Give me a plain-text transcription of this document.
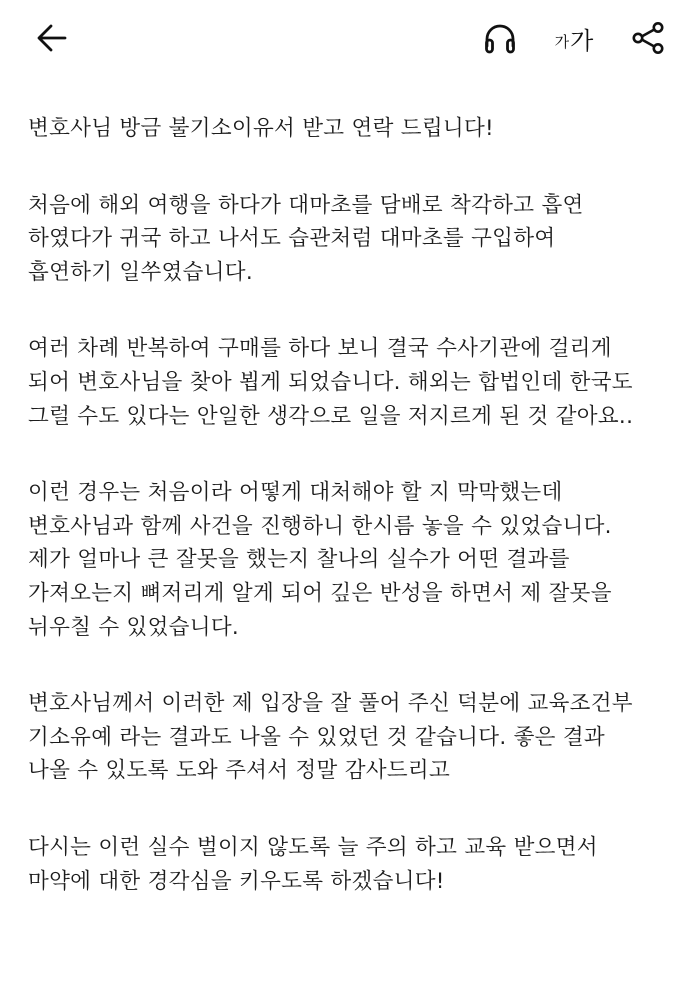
가 가
변호사님 방금 불기소이유서 받고 연락 드립니다!
처음에 해외 여행을 하다가 대마초를 담배로 착각하고 흡연
하였다가 귀국 하고 나서도 습관처럼 대마초를 구입하여
흡연하기 일쑤였습니다.
여러 차례 반복하여 구매를 하다 보니 결국 수사기관에 걸리게
되어 변호사님을 찾아 뵙게 되었습니다. 해외는 합법인데 한국도
그럴 수도 있다는 안일한 생각으로 일을 저지르게 된 것 같아요..
이런 경우는 처음이라 어떻게 대처해야 할 지 막막했는데
변호사님과 함께 사건을 진행하니 한시름 놓을 수 있었습니다.
제가 얼마나 큰 잘못을 했는지 찰나의 실수가 어떤 결과를
가져오는지 뼈저리게 알게 되어 깊은 반성을 하면서 제 잘못을
뉘우칠 수 있었습니다.
변호사님께서 이러한 제 입장을 잘 풀어 주신 덕분에 교육조건부
기소유예 라는 결과도 나올 수 있었던 것 같습니다. 좋은 결과
나올 수 있도록 도와 주셔서 정말 감사드리고
다시는 이런 실수 벌이지 않도록 늘 주의 하고 교육 받으면서
마약에 대한 경각심을 키우도록 하겠습니다!
